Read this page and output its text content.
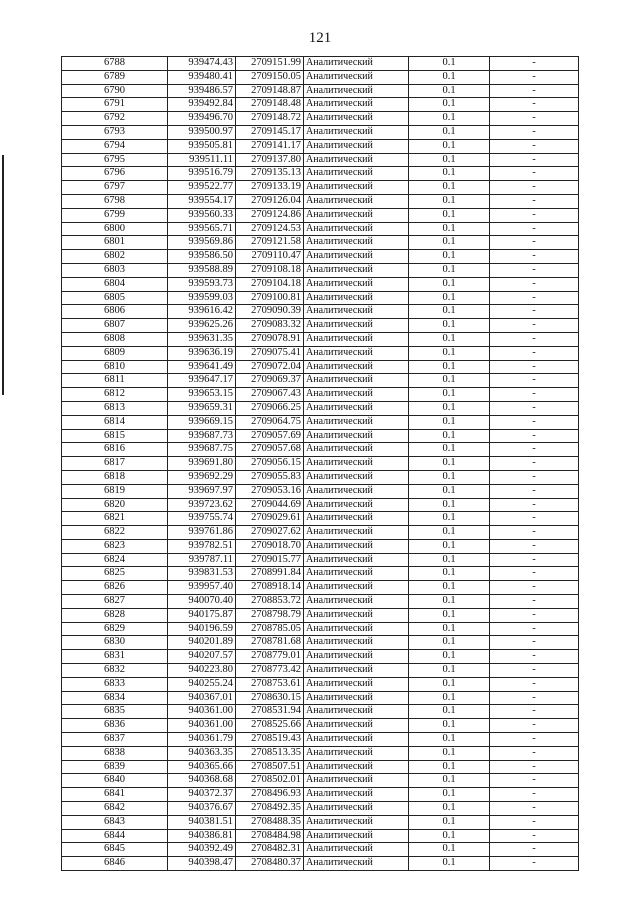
121
6788	939474.43	2709151.99	Аналитический	0.1	-
6789	939480.41	2709150.05	Аналитический	0.1	-
6790	939486.57	2709148.87	Аналитический	0.1	-
6791	939492.84	2709148.48	Аналитический	0.1	-
6792	939496.70	2709148.72	Аналитический	0.1	-
6793	939500.97	2709145.17	Аналитический	0.1	-
6794	939505.81	2709141.17	Аналитический	0.1	-
6795	939511.11	2709137.80	Аналитический	0.1	-
6796	939516.79	2709135.13	Аналитический	0.1	-
6797	939522.77	2709133.19	Аналитический	0.1	-
6798	939554.17	2709126.04	Аналитический	0.1	-
6799	939560.33	2709124.86	Аналитический	0.1	-
6800	939565.71	2709124.53	Аналитический	0.1	-
6801	939569.86	2709121.58	Аналитический	0.1	-
6802	939586.50	2709110.47	Аналитический	0.1	-
6803	939588.89	2709108.18	Аналитический	0.1	-
6804	939593.73	2709104.18	Аналитический	0.1	-
6805	939599.03	2709100.81	Аналитический	0.1	-
6806	939616.42	2709090.39	Аналитический	0.1	-
6807	939625.26	2709083.32	Аналитический	0.1	-
6808	939631.35	2709078.91	Аналитический	0.1	-
6809	939636.19	2709075.41	Аналитический	0.1	-
6810	939641.49	2709072.04	Аналитический	0.1	-
6811	939647.17	2709069.37	Аналитический	0.1	-
6812	939653.15	2709067.43	Аналитический	0.1	-
6813	939659.31	2709066.25	Аналитический	0.1	-
6814	939669.15	2709064.75	Аналитический	0.1	-
6815	939687.73	2709057.69	Аналитический	0.1	-
6816	939687.75	2709057.68	Аналитический	0.1	-
6817	939691.80	2709056.15	Аналитический	0.1	-
6818	939692.29	2709055.83	Аналитический	0.1	-
6819	939697.97	2709053.16	Аналитический	0.1	-
6820	939723.62	2709044.69	Аналитический	0.1	-
6821	939755.74	2709029.61	Аналитический	0.1	-
6822	939761.86	2709027.62	Аналитический	0.1	-
6823	939782.51	2709018.70	Аналитический	0.1	-
6824	939787.11	2709015.77	Аналитический	0.1	-
6825	939831.53	2708991.84	Аналитический	0.1	-
6826	939957.40	2708918.14	Аналитический	0.1	-
6827	940070.40	2708853.72	Аналитический	0.1	-
6828	940175.87	2708798.79	Аналитический	0.1	-
6829	940196.59	2708785.05	Аналитический	0.1	-
6830	940201.89	2708781.68	Аналитический	0.1	-
6831	940207.57	2708779.01	Аналитический	0.1	-
6832	940223.80	2708773.42	Аналитический	0.1	-
6833	940255.24	2708753.61	Аналитический	0.1	-
6834	940367.01	2708630.15	Аналитический	0.1	-
6835	940361.00	2708531.94	Аналитический	0.1	-
6836	940361.00	2708525.66	Аналитический	0.1	-
6837	940361.79	2708519.43	Аналитический	0.1	-
6838	940363.35	2708513.35	Аналитический	0.1	-
6839	940365.66	2708507.51	Аналитический	0.1	-
6840	940368.68	2708502.01	Аналитический	0.1	-
6841	940372.37	2708496.93	Аналитический	0.1	-
6842	940376.67	2708492.35	Аналитический	0.1	-
6843	940381.51	2708488.35	Аналитический	0.1	-
6844	940386.81	2708484.98	Аналитический	0.1	-
6845	940392.49	2708482.31	Аналитический	0.1	-
6846	940398.47	2708480.37	Аналитический	0.1	-
